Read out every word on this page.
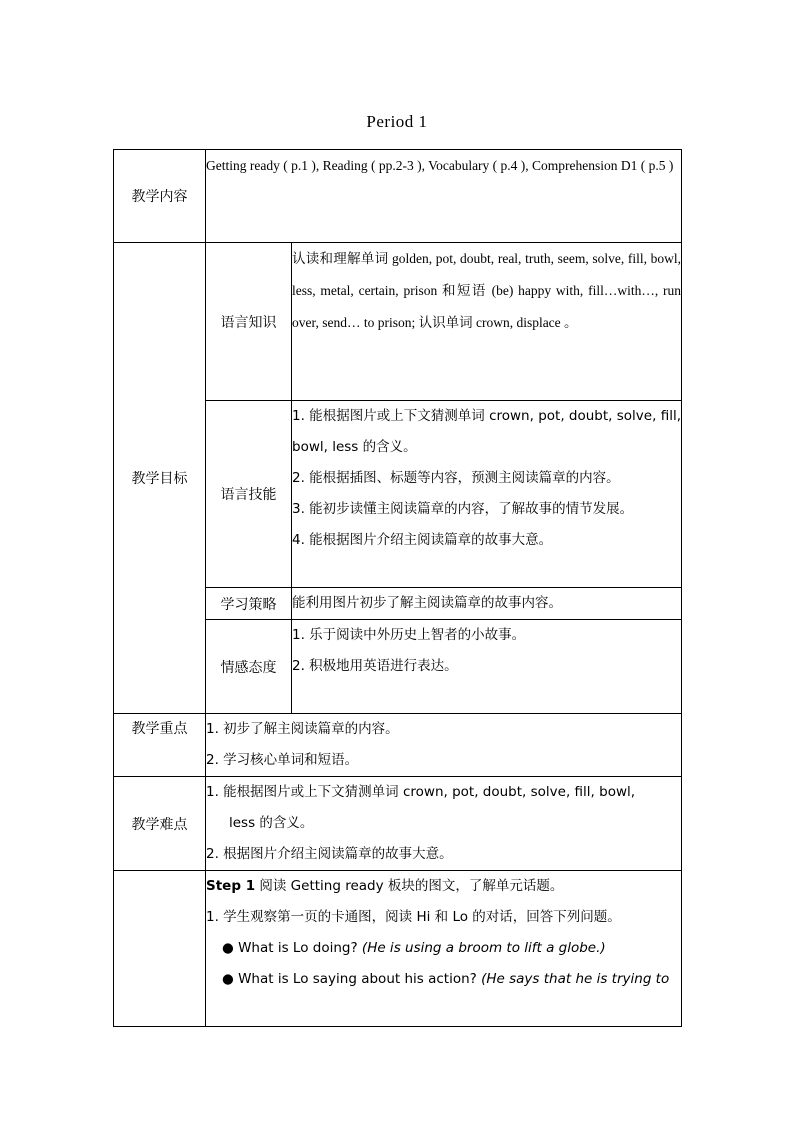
Period 1
教学内容	Getting ready ( p.1 ), Reading ( pp.2-3 ), Vocabulary ( p.4 ), Comprehension D1 ( p.5 )	
教学目标	语言知识	认读和理解单词 golden, pot, doubt, real, truth, seem, solve, fill, bowl, less, metal, certain, prison 和短语 (be) happy with, fill…with…, run over, send… to prison; 认识单词 crown, displace 。
	语言技能	1. 能根据图片或上下文猜测单词 crown, pot, doubt, solve, fill, bowl, less 的含义。
2. 能根据插图、标题等内容，预测主阅读篇章的内容。
3. 能初步读懂主阅读篇章的内容，了解故事的情节发展。
4. 能根据图片介绍主阅读篇章的故事大意。

	学习策略	能利用图片初步了解主阅读篇章的故事内容。
	情感态度	1. 乐于阅读中外历史上智者的小故事。
2. 积极地用英语进行表达。

教学重点	1. 初步了解主阅读篇章的内容。
2. 学习核心单词和短语。	

教学难点	1. 能根据图片或上下文猜测单词 crown, pot, doubt, solve, fill, bowl,
less 的含义。
2. 根据图片介绍主阅读篇章的故事大意。	

	Step 1 阅读 Getting ready 板块的图文，了解单元话题。
1. 学生观察第一页的卡通图，阅读 Hi 和 Lo 的对话，回答下列问题。
● What is Lo doing? (He is using a broom to lift a globe.)
● What is Lo saying about his action? (He says that he is trying to	
